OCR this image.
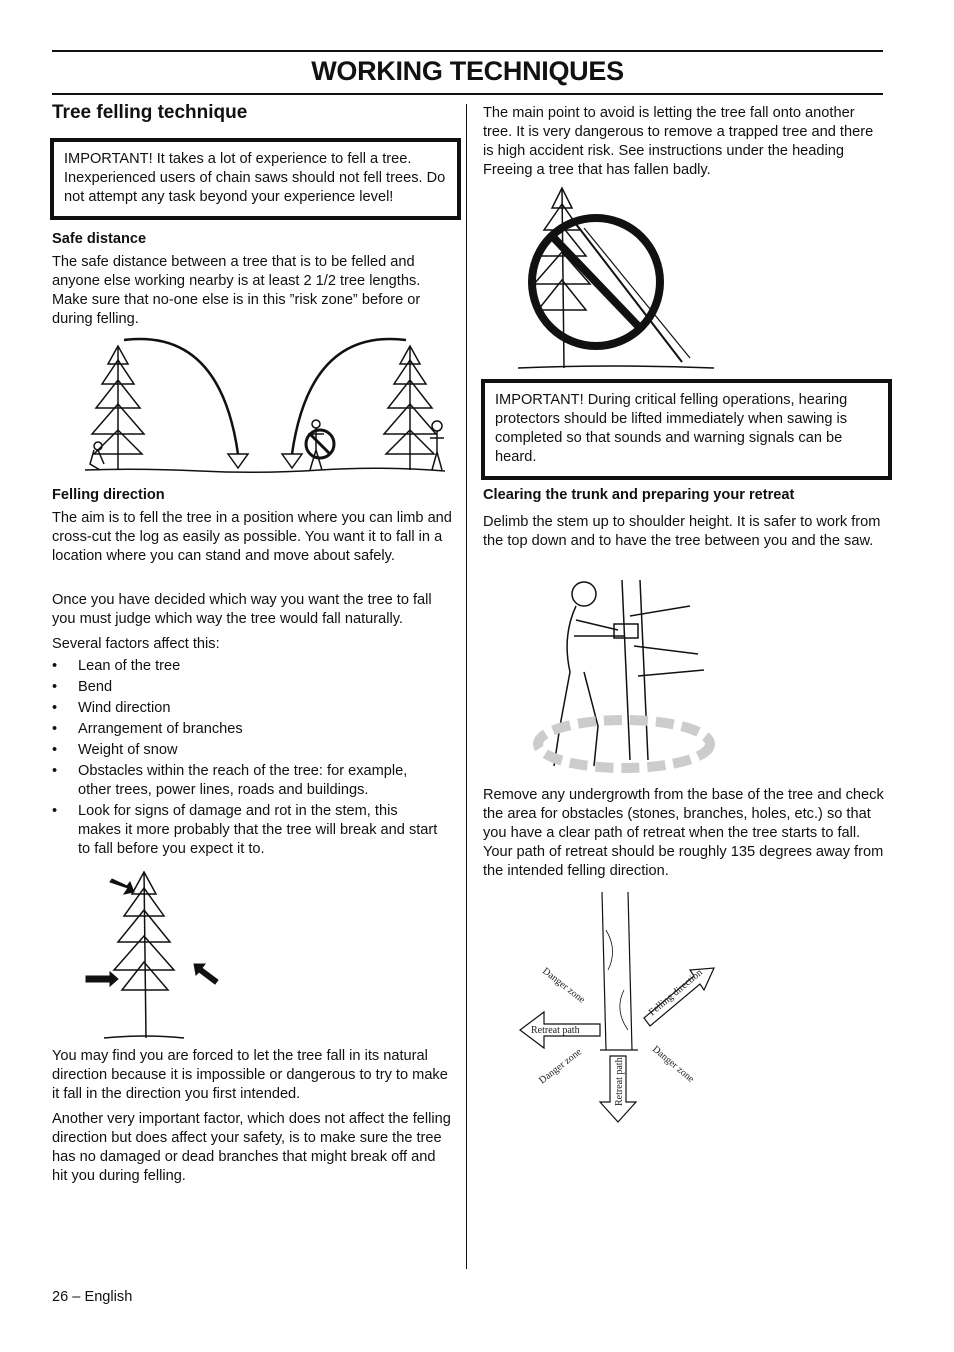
WORKING TECHNIQUES
Tree felling technique
IMPORTANT! It takes a lot of experience to fell a tree. Inexperienced users of chain saws should not fell trees. Do not attempt any task beyond your experience level!
Safe distance

The safe distance between a tree that is to be felled and anyone else working nearby is at least 2 1/2 tree lengths. Make sure that no-one else is in this ”risk zone” before or during felling.

Felling direction

The aim is to fell the tree in a position where you can limb and cross-cut the log as easily as possible. You want it to fall in a location where you can stand and move about safely.

Once you have decided which way you want the tree to fall you must judge which way the tree would fall naturally.

Several factors affect this:

• Lean of the tree
• Bend
• Wind direction
• Arrangement of branches
• Weight of snow
• Obstacles within the reach of the tree: for example, other trees, power lines, roads and buildings.
• Look for signs of damage and rot in the stem, this makes it more probably that the tree will break and start to fall before you expect it to.

You may find you are forced to let the tree fall in its natural direction because it is impossible or dangerous to try to make it fall in the direction you first intended.

Another very important factor, which does not affect the felling direction but does affect your safety, is to make sure the tree has no damaged or dead branches that might break off and hit you during felling.

The main point to avoid is letting the tree fall onto another tree. It is very dangerous to remove a trapped tree and there is high accident risk. See instructions under the heading Freeing a tree that has fallen badly.

IMPORTANT! During critical felling operations, hearing protectors should be lifted immediately when sawing is completed so that sounds and warning signals can be heard.
Clearing the trunk and preparing your retreat

Delimb the stem up to shoulder height. It is safer to work from the top down and to have the tree between you and the saw.

Remove any undergrowth from the base of the tree and check the area for obstacles (stones, branches, holes, etc.) so that you have a clear path of retreat when the tree starts to fall. Your path of retreat should be roughly 135 degrees away from the intended felling direction.

Danger zone	Felling direction
Retreat path
Danger zone	Danger zone
Retreat path
26 – English
